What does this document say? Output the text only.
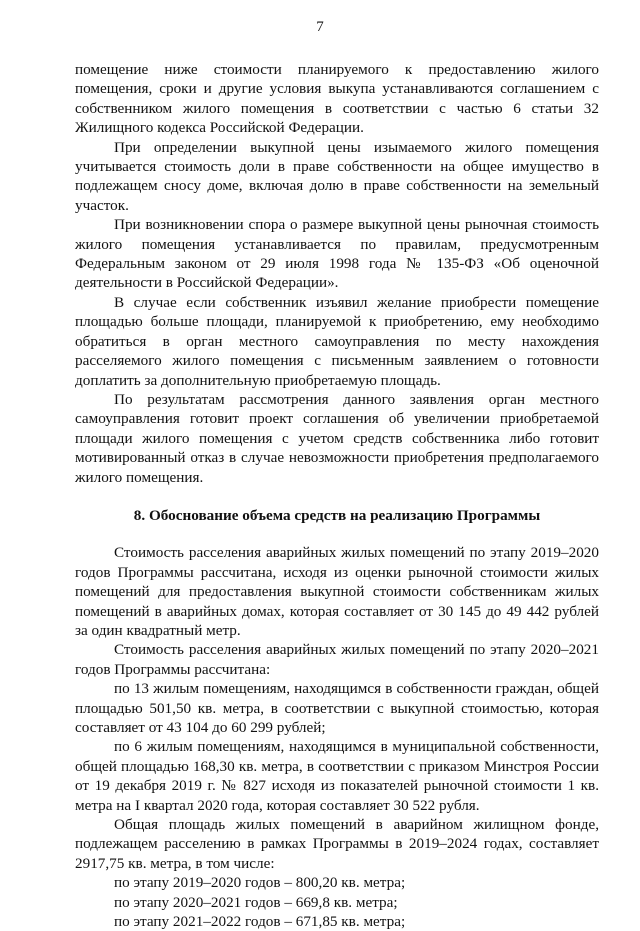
7

помещение ниже стоимости планируемого к предоставлению жилого помещения, сроки и другие условия выкупа устанавливаются соглашением с собственником жилого помещения в соответствии с частью 6 статьи 32 Жилищного кодекса Российской Федерации.

При определении выкупной цены изымаемого жилого помещения учитывается стоимость доли в праве собственности на общее имущество в подлежащем сносу доме, включая долю в праве собственности на земельный участок.

При возникновении спора о размере выкупной цены рыночная стоимость жилого помещения устанавливается по правилам, предусмотренным Федеральным законом от 29 июля 1998 года № 135-ФЗ «Об оценочной деятельности в Российской Федерации».

В случае если собственник изъявил желание приобрести помещение площадью больше площади, планируемой к приобретению, ему необходимо обратиться в орган местного самоуправления по месту нахождения расселяемого жилого помещения с письменным заявлением о готовности доплатить за дополнительную приобретаемую площадь.

По результатам рассмотрения данного заявления орган местного самоуправления готовит проект соглашения об увеличении приобретаемой площади жилого помещения с учетом средств собственника либо готовит мотивированный отказ в случае невозможности приобретения предполагаемого жилого помещения.

8. Обоснование объема средств на реализацию Программы

Стоимость расселения аварийных жилых помещений по этапу 2019–2020 годов Программы рассчитана, исходя из оценки рыночной стоимости жилых помещений для предоставления выкупной стоимости собственникам жилых помещений в аварийных домах, которая составляет от 30 145 до 49 442 рублей за один квадратный метр.

Стоимость расселения аварийных жилых помещений по этапу 2020–2021 годов Программы рассчитана:

по 13 жилым помещениям, находящимся в собственности граждан, общей площадью 501,50 кв. метра, в соответствии с выкупной стоимостью, которая составляет от 43 104 до 60 299 рублей;

по 6 жилым помещениям, находящимся в муниципальной собственности, общей площадью 168,30 кв. метра, в соответствии с приказом Минстроя России от 19 декабря 2019 г. № 827 исходя из показателей рыночной стоимости 1 кв. метра на I квартал 2020 года, которая составляет 30 522 рубля.

Общая площадь жилых помещений в аварийном жилищном фонде, подлежащем расселению в рамках Программы в 2019–2024 годах, составляет 2917,75 кв. метра, в том числе:

по этапу 2019–2020 годов – 800,20 кв. метра;

по этапу 2020–2021 годов – 669,8 кв. метра;

по этапу 2021–2022 годов – 671,85 кв. метра;
